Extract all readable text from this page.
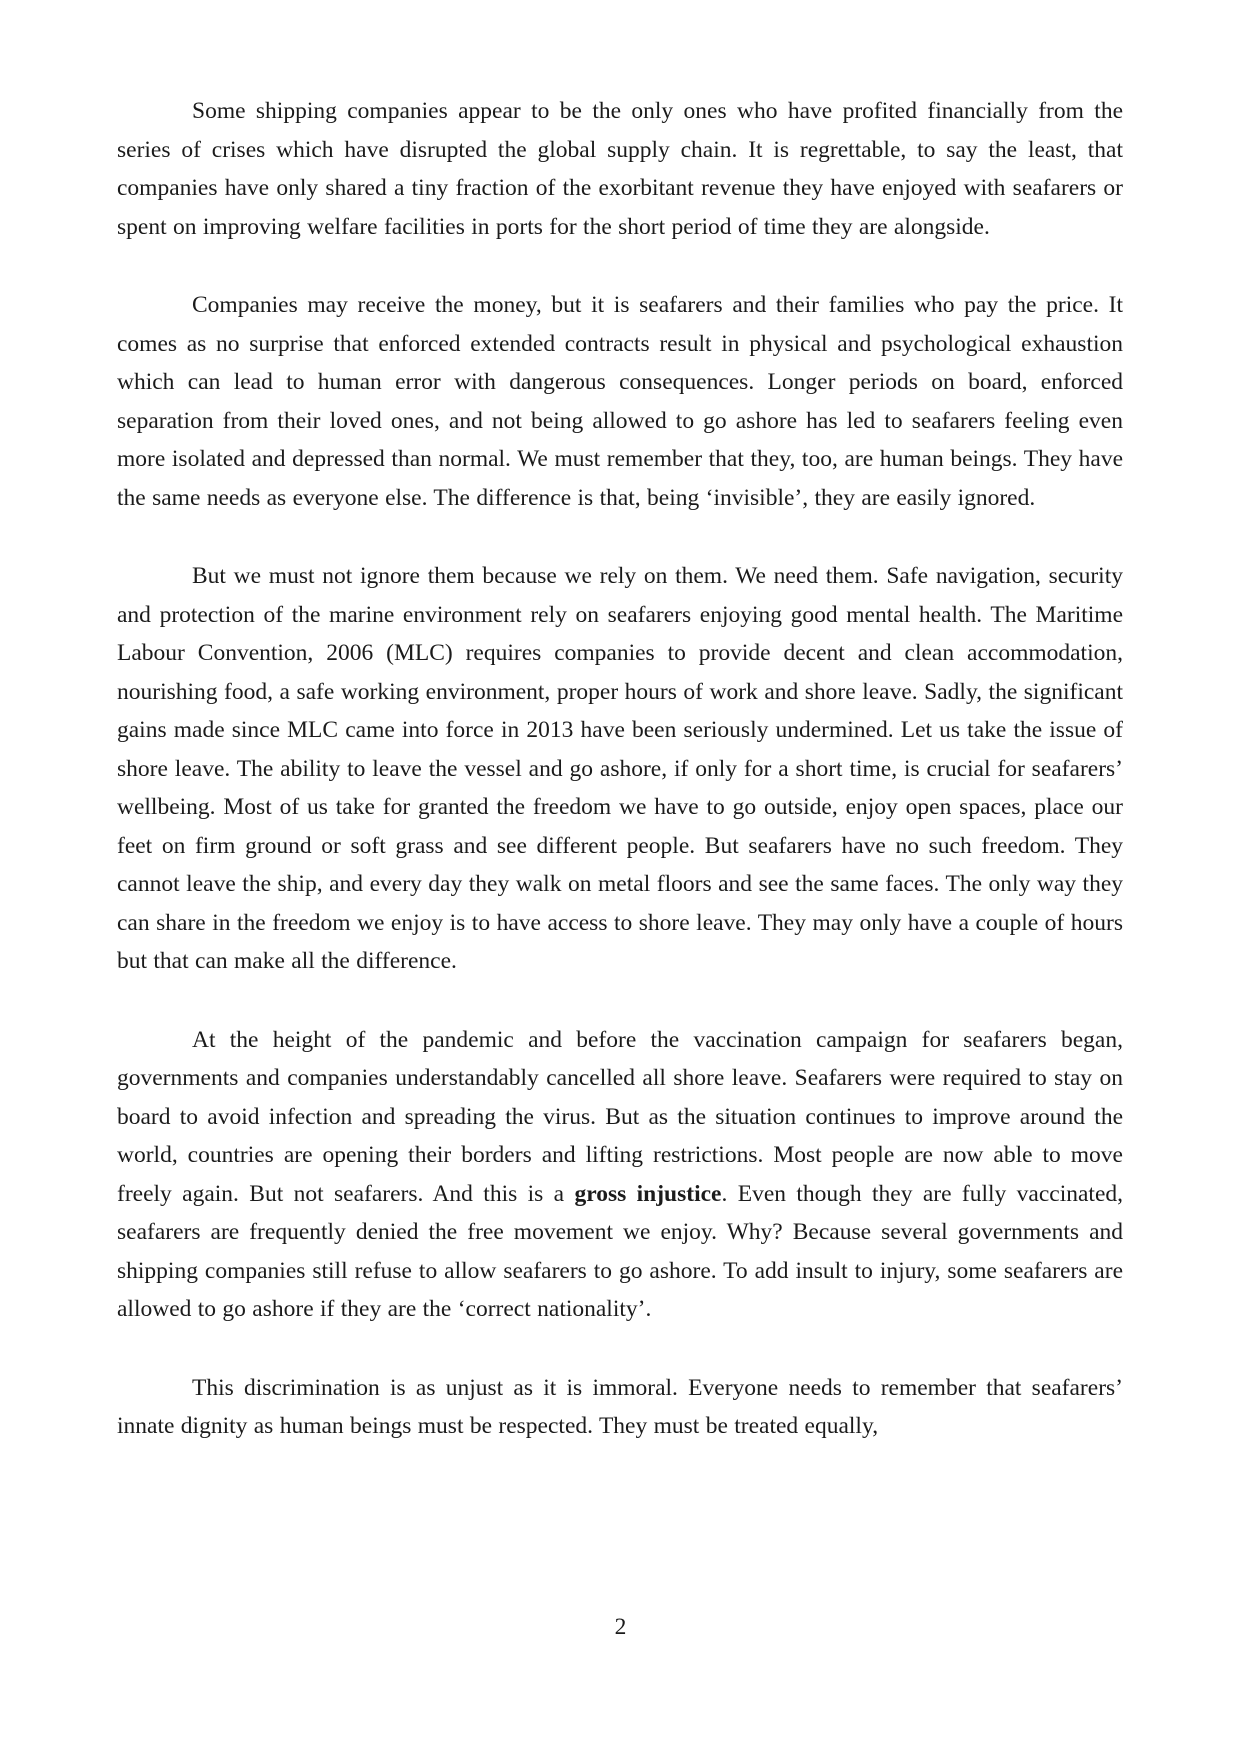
Some shipping companies appear to be the only ones who have profited financially from the series of crises which have disrupted the global supply chain. It is regrettable, to say the least, that companies have only shared a tiny fraction of the exorbitant revenue they have enjoyed with seafarers or spent on improving welfare facilities in ports for the short period of time they are alongside.

Companies may receive the money, but it is seafarers and their families who pay the price. It comes as no surprise that enforced extended contracts result in physical and psychological exhaustion which can lead to human error with dangerous consequences. Longer periods on board, enforced separation from their loved ones, and not being allowed to go ashore has led to seafarers feeling even more isolated and depressed than normal. We must remember that they, too, are human beings. They have the same needs as everyone else. The difference is that, being ‘invisible’, they are easily ignored.

But we must not ignore them because we rely on them. We need them. Safe navigation, security and protection of the marine environment rely on seafarers enjoying good mental health. The Maritime Labour Convention, 2006 (MLC) requires companies to provide decent and clean accommodation, nourishing food, a safe working environment, proper hours of work and shore leave. Sadly, the significant gains made since MLC came into force in 2013 have been seriously undermined. Let us take the issue of shore leave. The ability to leave the vessel and go ashore, if only for a short time, is crucial for seafarers’ wellbeing. Most of us take for granted the freedom we have to go outside, enjoy open spaces, place our feet on firm ground or soft grass and see different people. But seafarers have no such freedom. They cannot leave the ship, and every day they walk on metal floors and see the same faces. The only way they can share in the freedom we enjoy is to have access to shore leave. They may only have a couple of hours but that can make all the difference.

At the height of the pandemic and before the vaccination campaign for seafarers began, governments and companies understandably cancelled all shore leave. Seafarers were required to stay on board to avoid infection and spreading the virus. But as the situation continues to improve around the world, countries are opening their borders and lifting restrictions. Most people are now able to move freely again. But not seafarers. And this is a gross injustice. Even though they are fully vaccinated, seafarers are frequently denied the free movement we enjoy. Why? Because several governments and shipping companies still refuse to allow seafarers to go ashore. To add insult to injury, some seafarers are allowed to go ashore if they are the ‘correct nationality’.

This discrimination is as unjust as it is immoral. Everyone needs to remember that seafarers’ innate dignity as human beings must be respected. They must be treated equally,

2
